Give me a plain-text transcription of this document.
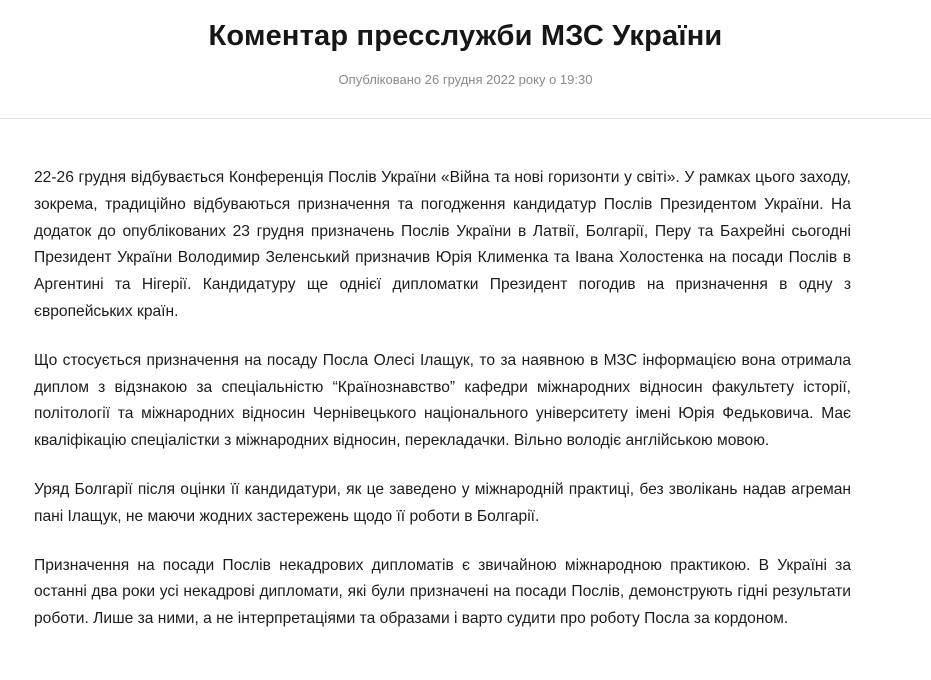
Коментар пресслужби МЗС України
Опубліковано 26 грудня 2022 року о 19:30

22-26 грудня відбувається Конференція Послів України «Війна та нові горизонти у світі». У рамках цього заходу, зокрема, традиційно відбуваються призначення та погодження кандидатур Послів Президентом України. На додаток до опублікованих 23 грудня призначень Послів України в Латвії, Болгарії, Перу та Бахрейні сьогодні Президент України Володимир Зеленський призначив Юрія Клименка та Івана Холостенка на посади Послів в Аргентині та Нігерії. Кандидатуру ще однієї дипломатки Президент погодив на призначення в одну з європейських країн.

Що стосується призначення на посаду Посла Олесі Ілащук, то за наявною в МЗС інформацією вона отримала диплом з відзнакою за спеціальністю “Країнознавство” кафедри міжнародних відносин факультету історії, політології та міжнародних відносин Чернівецького національного університету імені Юрія Федьковича. Має кваліфікацію спеціалістки з міжнародних відносин, перекладачки. Вільно володіє англійською мовою.

Уряд Болгарії після оцінки її кандидатури, як це заведено у міжнародній практиці, без зволікань надав агреман пані Ілащук, не маючи жодних застережень щодо її роботи в Болгарії.

Призначення на посади Послів некадрових дипломатів є звичайною міжнародною практикою. В Україні за останні два роки усі некадрові дипломати, які були призначені на посади Послів, демонструють гідні результати роботи. Лише за ними, а не інтерпретаціями та образами і варто судити про роботу Посла за кордоном.
